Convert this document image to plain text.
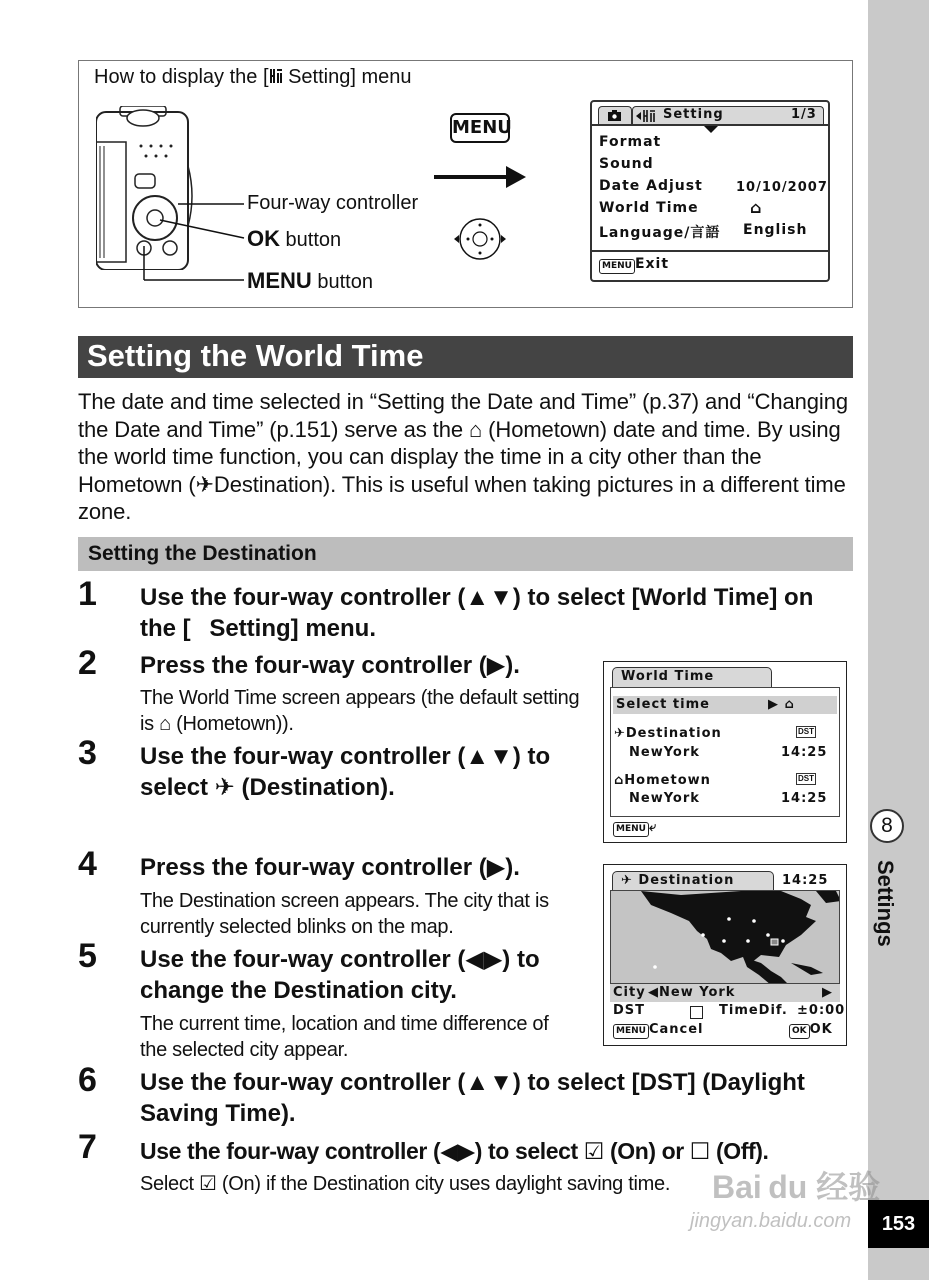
8
Settings
153
How to display the [ Setting] menu
Four-way controller
OK button
MENU button
MENU
Setting	1/3
Format
Sound
Date Adjust	10/10/2007
World Time	⌂
Language/言語 English
MENU Exit
Setting the World Time
The date and time selected in “Setting the Date and Time” (p.37) and “Changing the Date and Time” (p.151) serve as the ⌂ (Hometown) date and time. By using the world time function, you can display the time in a city other than the Hometown (✈Destination). This is useful when taking pictures in a different time zone.
Setting the Destination
1 Use the four-way controller (▲▼) to select [World Time] on the [  Setting] menu.
2 Press the four-way controller (▶).
The World Time screen appears (the default setting is ⌂ (Hometown)).
3 Use the four-way controller (▲▼) to select ✈ (Destination).
4 Press the four-way controller (▶).
The Destination screen appears. The city that is currently selected blinks on the map.
5 Use the four-way controller (◀▶) to change the Destination city.
The current time, location and time difference of the selected city appear.
6 Use the four-way controller (▲▼) to select [DST] (Daylight Saving Time).
7 Use the four-way controller (◀▶) to select ☑ (On) or ☐ (Off).
Select ☑ (On) if the Destination city uses daylight saving time.
World Time
Select time	▶ ⌂
✈Destination	DST
NewYork	14:25
⌂Hometown	DST
NewYork	14:25
MENU ⤶
✈ Destination	14:25
City ◀New York	▶
DST	TimeDif. ±0:00
MENU Cancel	OK OK
Bai du 经验
jingyan.baidu.com
